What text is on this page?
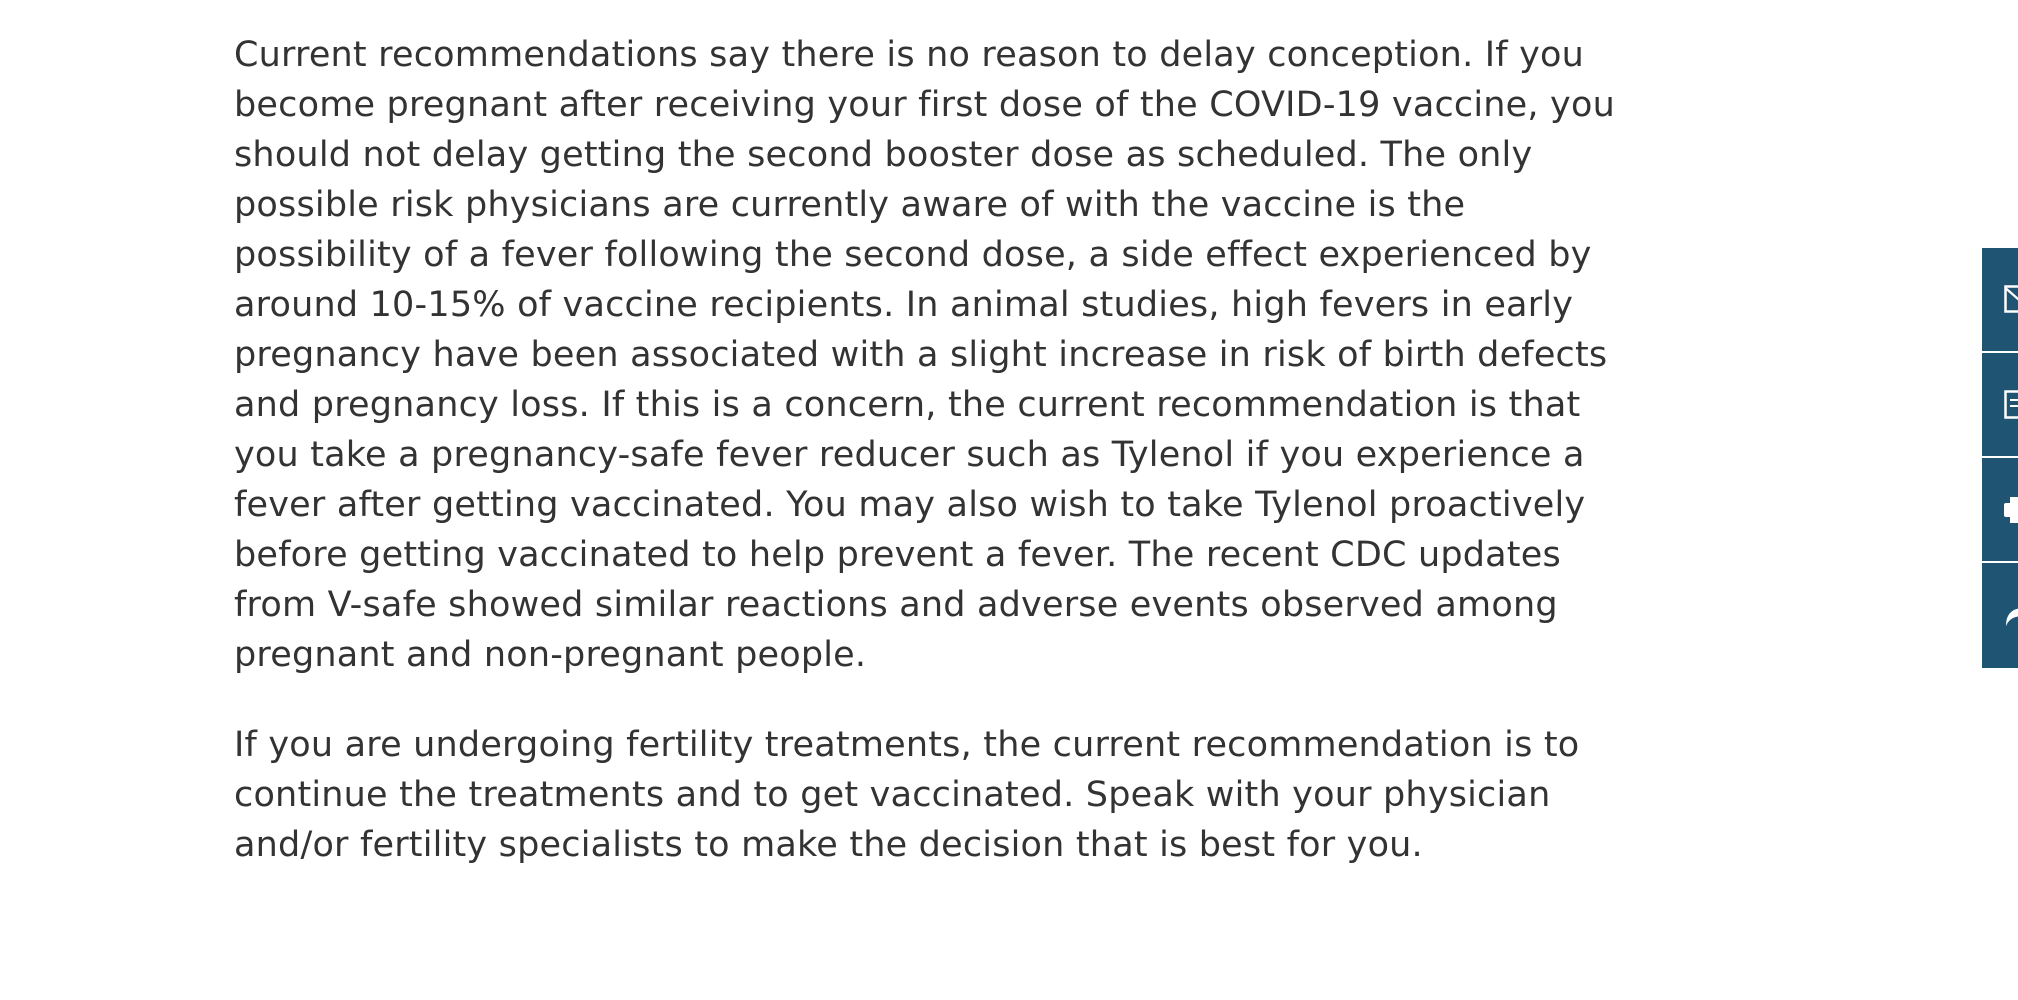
Current recommendations say there is no reason to delay conception. If you become pregnant after receiving your first dose of the COVID-19 vaccine, you should not delay getting the second booster dose as scheduled. The only possible risk physicians are currently aware of with the vaccine is the possibility of a fever following the second dose, a side effect experienced by around 10-15% of vaccine recipients. In animal studies, high fevers in early pregnancy have been associated with a slight increase in risk of birth defects and pregnancy loss. If this is a concern, the current recommendation is that you take a pregnancy-safe fever reducer such as Tylenol if you experience a fever after getting vaccinated. You may also wish to take Tylenol proactively before getting vaccinated to help prevent a fever. The recent CDC updates from V-safe showed similar reactions and adverse events observed among pregnant and non-pregnant people.

If you are undergoing fertility treatments, the current recommendation is to continue the treatments and to get vaccinated. Speak with your physician and/or fertility specialists to make the decision that is best for you.
